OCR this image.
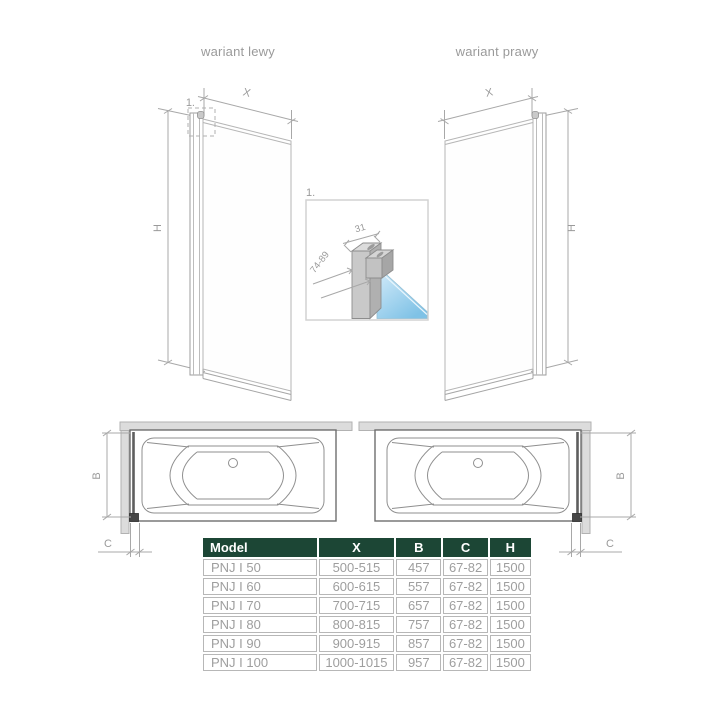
wariant lewy	wariant prawy
1.
X
H
X
H
1.
31
74-89
B
C
B
C
Model	X	B	C	H
PNJ I 50	500-515	457	67-82	1500
PNJ I 60	600-615	557	67-82	1500
PNJ I 70	700-715	657	67-82	1500
PNJ I 80	800-815	757	67-82	1500
PNJ I 90	900-915	857	67-82	1500
PNJ I 100	1000-1015	957	67-82	1500
